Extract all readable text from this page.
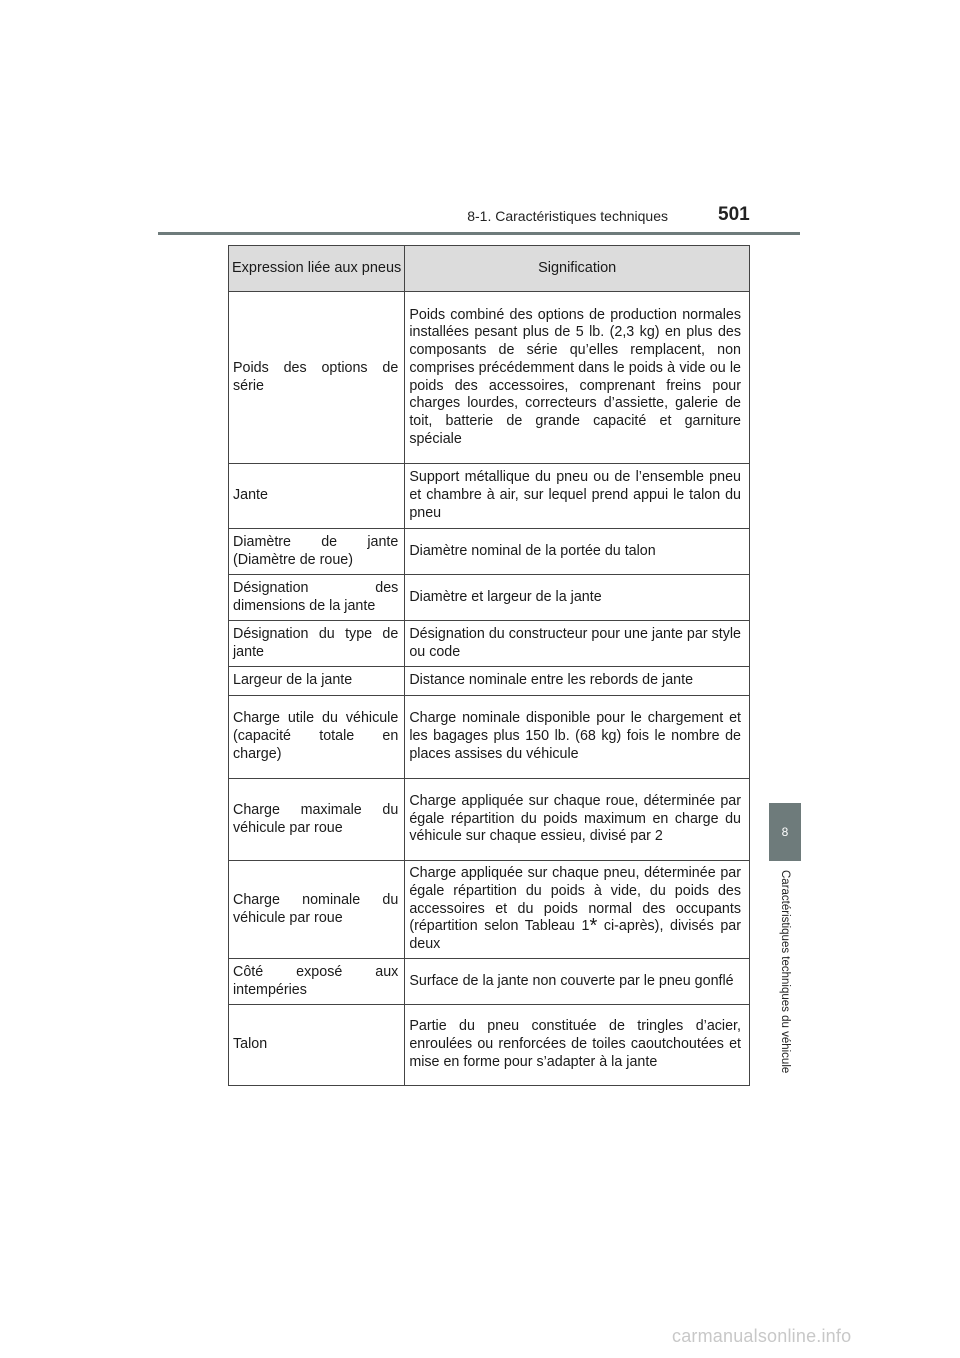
8-1. Caractéristiques techniques	501
8
Caractéristiques techniques du véhicule
Expression liée aux pneus	Signification

Poids des options de série	Poids combiné des options de production normales installées pesant plus de 5 lb. (2,3 kg) en plus des composants de série qu’elles remplacent, non comprises précédemment dans le poids à vide ou le poids des accessoires, comprenant freins pour charges lourdes, correcteurs d’assiette, galerie de toit, batterie de grande capacité et garniture spéciale

Jante	Support métallique du pneu ou de l’ensemble pneu et chambre à air, sur lequel prend appui le talon du pneu

Diamètre de jante (Diamètre de roue)	Diamètre nominal de la portée du talon

Désignation des dimensions de la jante	Diamètre et largeur de la jante

Désignation du type de jante	Désignation du constructeur pour une jante par style ou code

Largeur de la jante	Distance nominale entre les rebords de jante

Charge utile du véhicule (capacité totale en charge)	Charge nominale disponible pour le chargement et les bagages plus 150 lb. (68 kg) fois le nombre de places assises du véhicule

Charge maximale du véhicule par roue	Charge appliquée sur chaque roue, déterminée par égale répartition du poids maximum en charge du véhicule sur chaque essieu, divisé par 2

Charge nominale du véhicule par roue	Charge appliquée sur chaque pneu, déterminée par égale répartition du poids à vide, du poids des accessoires et du poids normal des occupants (répartition selon Tableau 1* ci-après), divisés par deux

Côté exposé aux intempéries	Surface de la jante non couverte par le pneu gonflé

Talon	Partie du pneu constituée de tringles d’acier, enroulées ou renforcées de toiles caoutchoutées et mise en forme pour s’adapter à la jante
carmanualsonline.info
